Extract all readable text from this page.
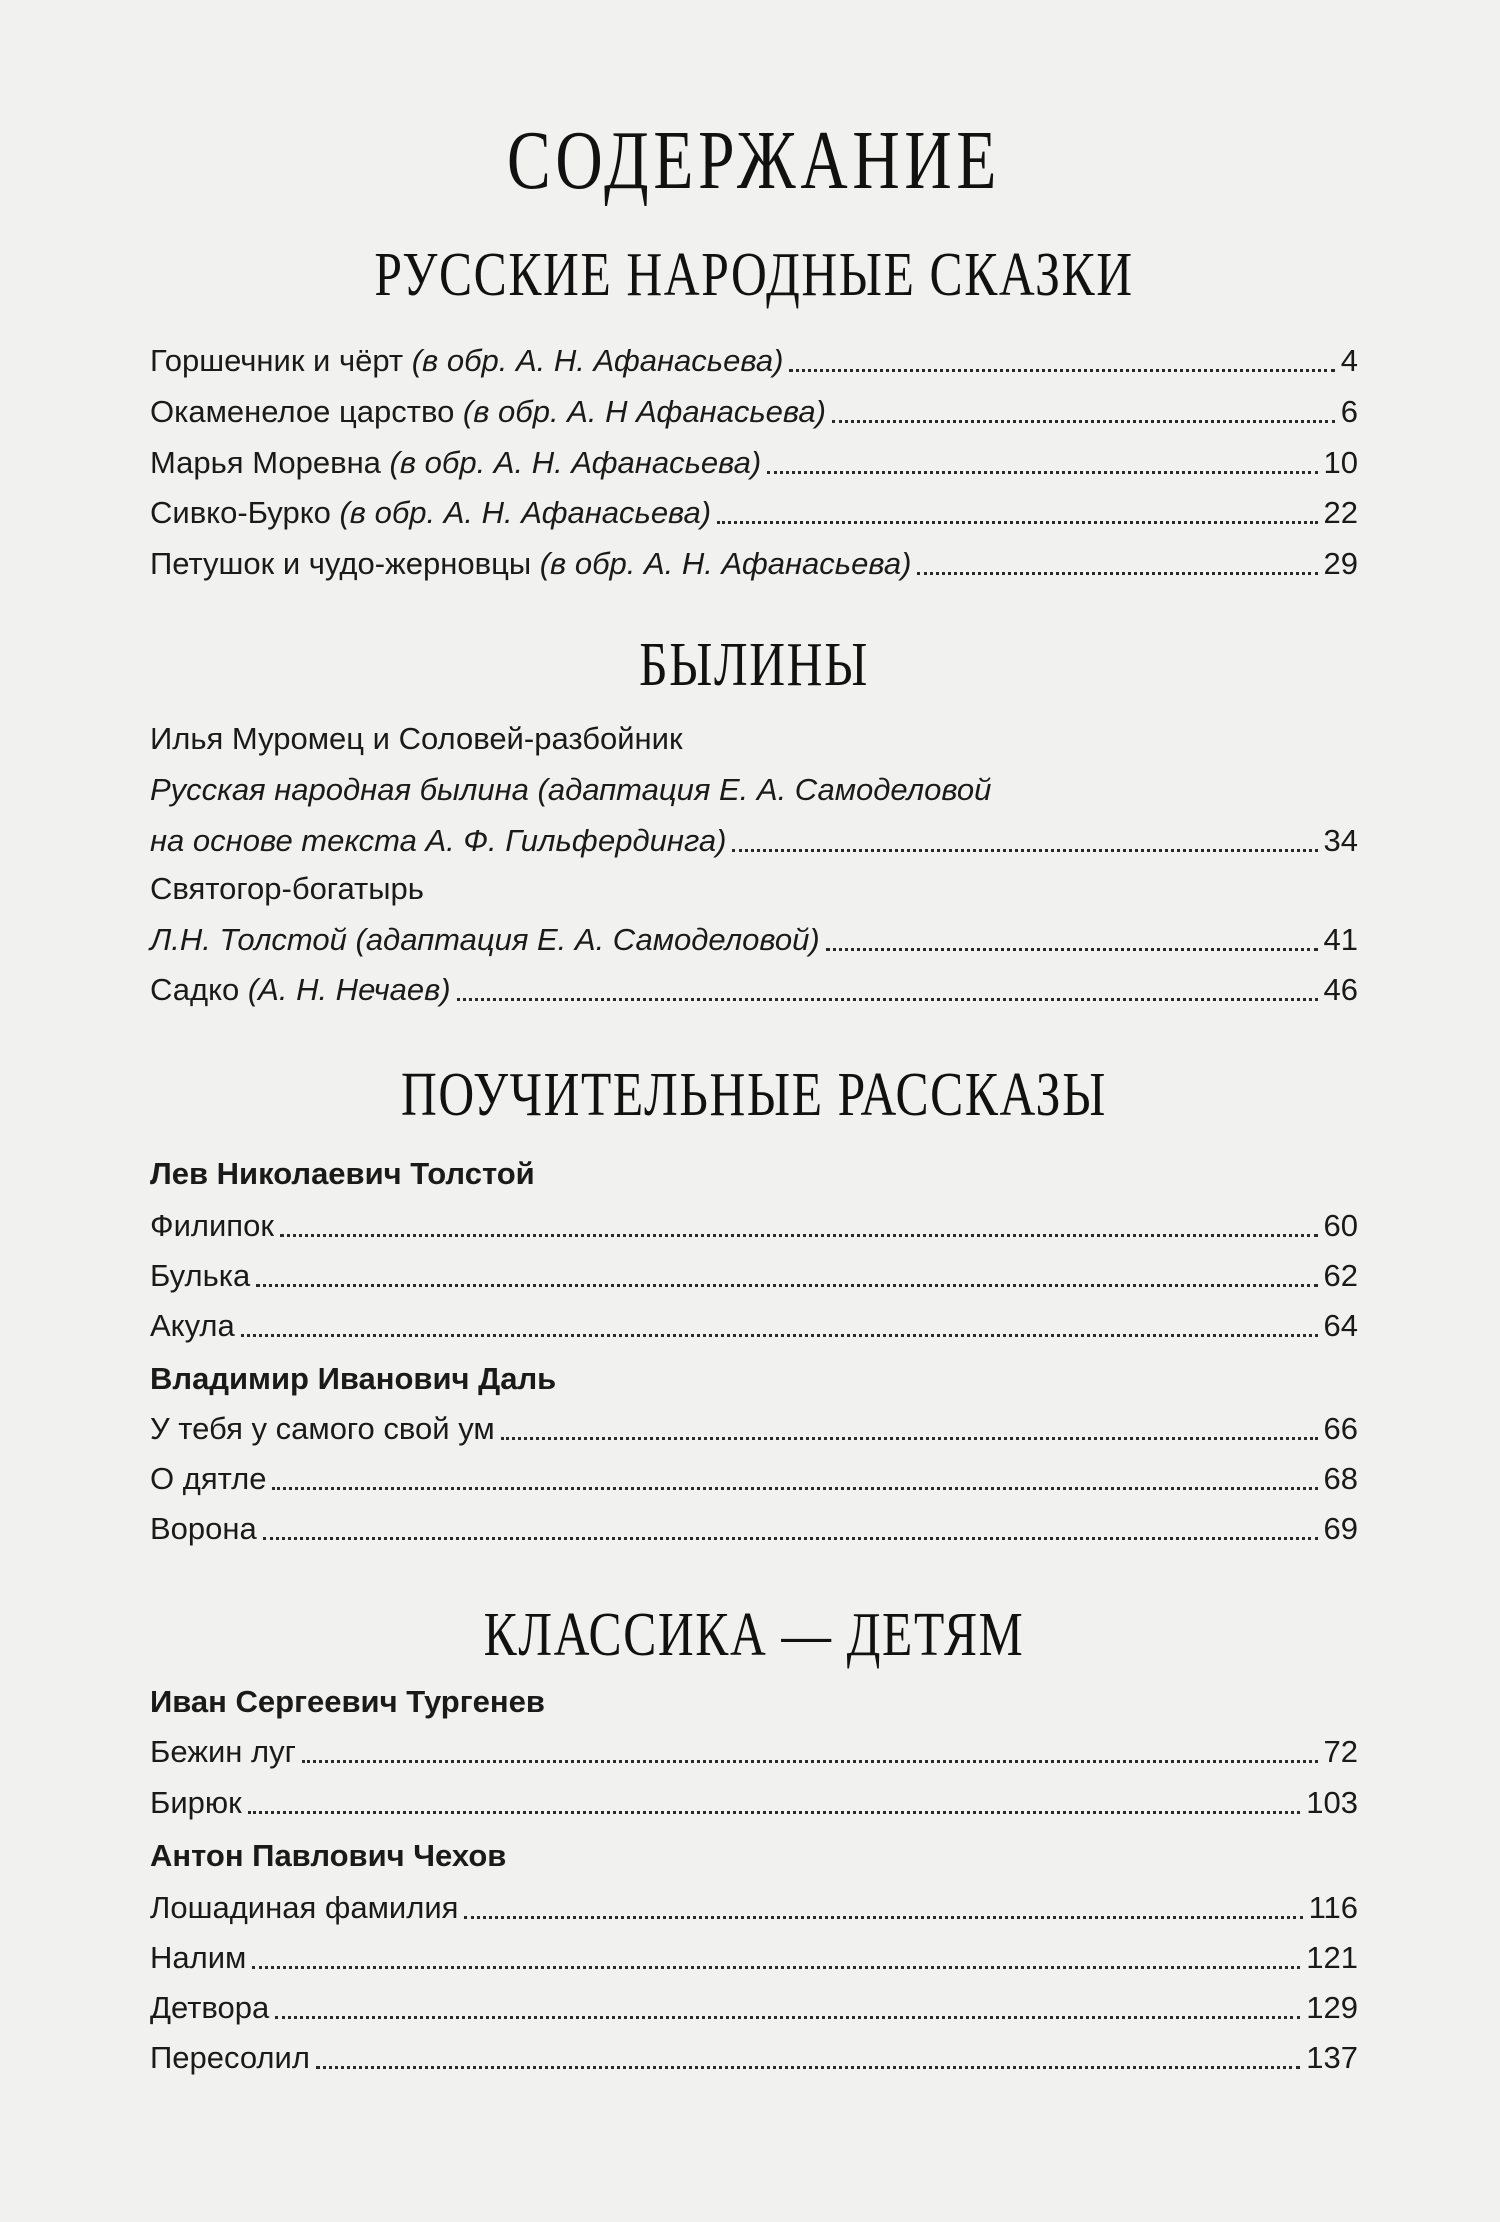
СОДЕРЖАНИЕ
РУССКИЕ НАРОДНЫЕ СКАЗКИ
Горшечник и чёрт (в обр. А. Н. Афанасьева)	4
Окаменелое царство (в обр. А. Н Афанасьева)	6
Марья Моревна (в обр. А. Н. Афанасьева)	10
Сивко-Бурко (в обр. А. Н. Афанасьева)	22
Петушок и чудо-жерновцы (в обр. А. Н. Афанасьева)	29
БЫЛИНЫ
Илья Муромец и Соловей-разбойник
Русская народная былина (адаптация Е. А. Самоделовой
на основе текста А. Ф. Гильфердинга)	34
Святогор-богатырь
Л.Н. Толстой (адаптация Е. А. Самоделовой)	41
Садко (А. Н. Нечаев)	46
ПОУЧИТЕЛЬНЫЕ РАССКАЗЫ
Лев Николаевич Толстой
Филипок	60
Булька	62
Акула	64
Владимир Иванович Даль
У тебя у самого свой ум	66
О дятле	68
Ворона	69
КЛАССИКА — ДЕТЯМ
Иван Сергеевич Тургенев
Бежин луг	72
Бирюк	103
Антон Павлович Чехов
Лошадиная фамилия	116
Налим	121
Детвора	129
Пересолил	137
